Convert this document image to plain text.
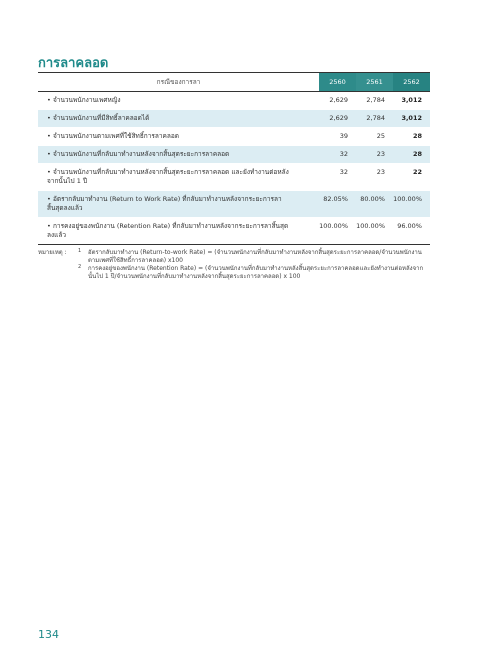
การลาคลอด
กรณีของการลา	2560	2561	2562
• จำนวนพนักงานเพศหญิง	2,629	2,784	3,012
• จำนวนพนักงานที่มีสิทธิ์ลาคลอดได้	2,629	2,784	3,012
• จำนวนพนักงานตามเพศที่ใช้สิทธิ์การลาคลอด	39	25	28
• จำนวนพนักงานที่กลับมาทำงานหลังจากสิ้นสุดระยะการลาคลอด	32	23	28
• จำนวนพนักงานที่กลับมาทำงานหลังจากสิ้นสุดระยะการลาคลอด และยังทำงานต่อหลังจากนั้นไป 1 ปี	32	23	22
• อัตรากลับมาทำงาน (Return to Work Rate) ที่กลับมาทำงานหลังจากระยะการลาสิ้นสุดลงแล้ว	82.05%	80.00%	100.00%
• การคงอยู่ของพนักงาน (Retention Rate) ที่กลับมาทำงานหลังจากระยะการลาสิ้นสุดลงแล้ว	100.00%	100.00%	96.00%
หมายเหตุ :	1	อัตรากลับมาทำงาน (Return-to-work Rate) = (จำนวนพนักงานที่กลับมาทำงานหลังจากสิ้นสุดระยะการลาคลอด/จำนวนพนักงานตามเพศที่ใช้สิทธิ์การลาคลอด) x100
2	การคงอยู่ของพนักงาน (Retention Rate) = (จำนวนพนักงานที่กลับมาทำงานหลังสิ้นสุดระยะการลาคลอดและยังทำงานต่อหลังจากนั้นไป 1 ปี/จำนวนพนักงานที่กลับมาทำงานหลังจากสิ้นสุดระยะการลาคลอด) x 100

134
